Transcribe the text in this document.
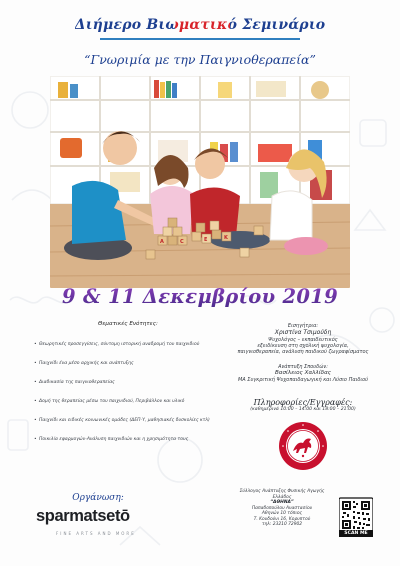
Διήμερο Βιωματικό Σεμινάριο
“Γνωριμία με την Παιγνιοθεραπεία”
A	C	E	K
9 & 11 Δεκεμβρίου 2019
Θεματικές Ενότητες:
• Θεωρητικές προσεγγίσεις, σύντομη ιστορική αναδρομή του παιχνιδιού
• Παιχνίδι ένα μέσο αρχικής και ανάπτυξης
• Διαδικασία της παιγνιοθεραπείας
• Δομή της θεραπείας μέσω του παιχνιδιού, Περιβάλλον και υλικό
• Παιχνίδι και ειδικές κοινωνικές ομάδες (ΔΕΠ-Υ, μαθησιακές δυσκολίες κτλ)
• Ποικιλία εφαρμογών-Ανάλυση παιχνιδιών και η χρησιμότητα τους
Εισηγήτρια:
Χριστίνα Τσιμούδη
Ψυχολόγος – εκπαιδευτικός
εξειδίκευση στη σχολική ψυχολογία,
παιγνιοθεραπεία, ανάλυση παιδικού ζωγραφίσματος
Ανάπτυξη Σπουδών:
Βασίλειος Χαλλίδας
ΜΑ Συγκριτική Ψυχοπαιδαγωγική και Λύσιο Παιδιού
Πληροφορίες/Εγγραφές:
(καθημερινά 10:00 – 14:00 και 18:00 – 21:00)
Σύλλογος Ανάπτυξης Φυσικής Αγωγής Ελλάδος
“ΑΘΗΝΑ”
Παπαδοπούλου Αναστασίου
Αθηνών 10 τόπιος
Τ. Κουδούνι 16, Κορυπτού
τηλ: 23210 72902
SCAN ME
Οργάνωση:
sparmatsetō
FINE ARTS AND MORE
